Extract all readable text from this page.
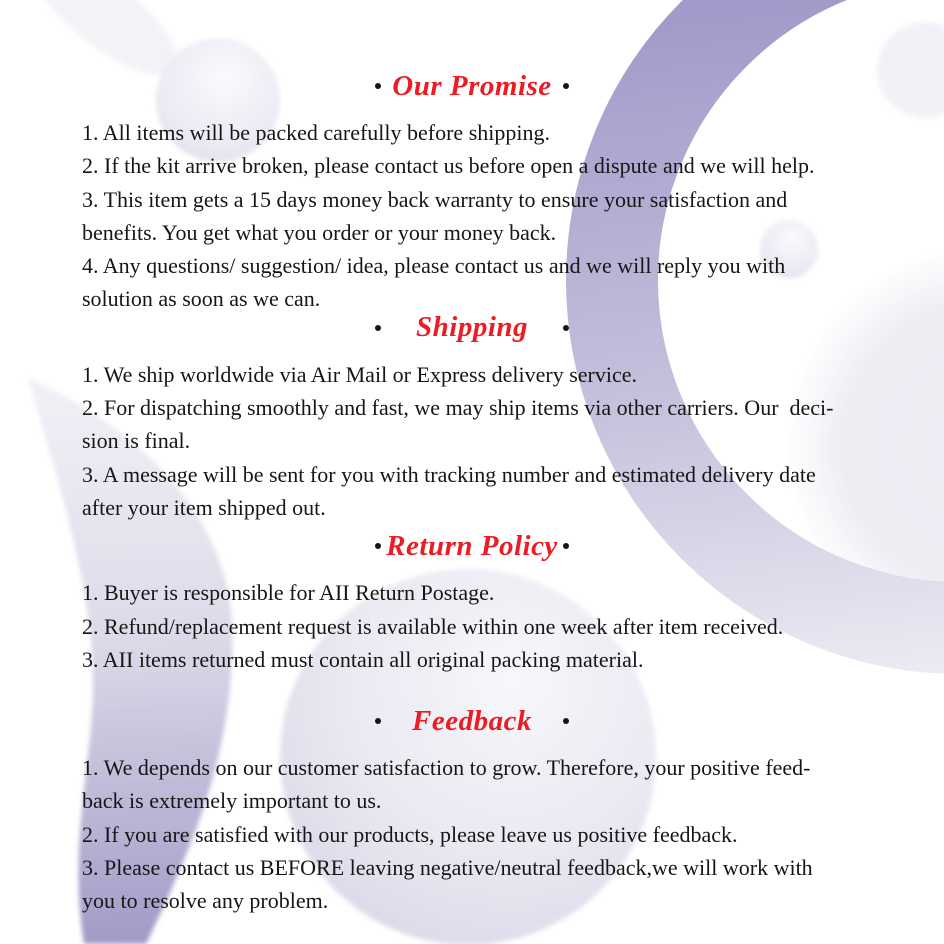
Our Promise
1. All items will be packed carefully before shipping.
2. If the kit arrive broken, please contact us before open a dispute and we will help.
3. This item gets a 15 days money back warranty to ensure your satisfaction and
benefits. You get what you order or your money back.
4. Any questions/ suggestion/ idea, please contact us and we will reply you with
solution as soon as we can.
Shipping
1. We ship worldwide via Air Mail or Express delivery service.
2. For dispatching smoothly and fast, we may ship items via other carriers. Our  deci-
sion is final.
3. A message will be sent for you with tracking number and estimated delivery date
after your item shipped out.
Return Policy
1. Buyer is responsible for AII Return Postage.
2. Refund/replacement request is available within one week after item received.
3. AII items returned must contain all original packing material.
Feedback
1. We depends on our customer satisfaction to grow. Therefore, your positive feed-
back is extremely important to us.
2. If you are satisfied with our products, please leave us positive feedback.
3. Please contact us BEFORE leaving negative/neutral feedback,we will work with
you to resolve any problem.
